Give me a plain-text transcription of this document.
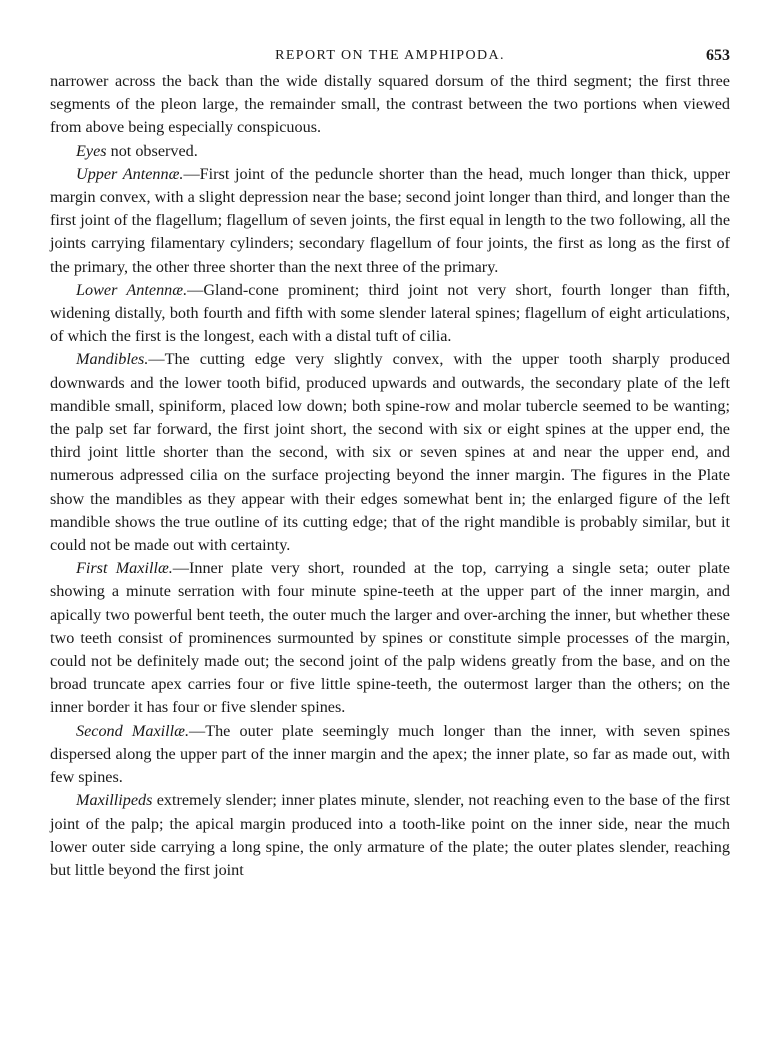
REPORT ON THE AMPHIPODA.	653

narrower across the back than the wide distally squared dorsum of the third segment; the first three segments of the pleon large, the remainder small, the contrast between the two portions when viewed from above being especially conspicuous.

Eyes not observed.

Upper Antennæ.—First joint of the peduncle shorter than the head, much longer than thick, upper margin convex, with a slight depression near the base; second joint longer than third, and longer than the first joint of the flagellum; flagellum of seven joints, the first equal in length to the two following, all the joints carrying filamentary cylinders; secondary flagellum of four joints, the first as long as the first of the primary, the other three shorter than the next three of the primary.

Lower Antennæ.—Gland-cone prominent; third joint not very short, fourth longer than fifth, widening distally, both fourth and fifth with some slender lateral spines; flagellum of eight articulations, of which the first is the longest, each with a distal tuft of cilia.

Mandibles.—The cutting edge very slightly convex, with the upper tooth sharply produced downwards and the lower tooth bifid, produced upwards and outwards, the secondary plate of the left mandible small, spiniform, placed low down; both spine-row and molar tubercle seemed to be wanting; the palp set far forward, the first joint short, the second with six or eight spines at the upper end, the third joint little shorter than the second, with six or seven spines at and near the upper end, and numerous adpressed cilia on the surface projecting beyond the inner margin. The figures in the Plate show the mandibles as they appear with their edges somewhat bent in; the enlarged figure of the left mandible shows the true outline of its cutting edge; that of the right mandible is probably similar, but it could not be made out with certainty.

First Maxillæ.—Inner plate very short, rounded at the top, carrying a single seta; outer plate showing a minute serration with four minute spine-teeth at the upper part of the inner margin, and apically two powerful bent teeth, the outer much the larger and over-arching the inner, but whether these two teeth consist of prominences surmounted by spines or constitute simple processes of the margin, could not be definitely made out; the second joint of the palp widens greatly from the base, and on the broad truncate apex carries four or five little spine-teeth, the outermost larger than the others; on the inner border it has four or five slender spines.

Second Maxillæ.—The outer plate seemingly much longer than the inner, with seven spines dispersed along the upper part of the inner margin and the apex; the inner plate, so far as made out, with few spines.

Maxillipeds extremely slender; inner plates minute, slender, not reaching even to the base of the first joint of the palp; the apical margin produced into a tooth-like point on the inner side, near the much lower outer side carrying a long spine, the only armature of the plate; the outer plates slender, reaching but little beyond the first joint
